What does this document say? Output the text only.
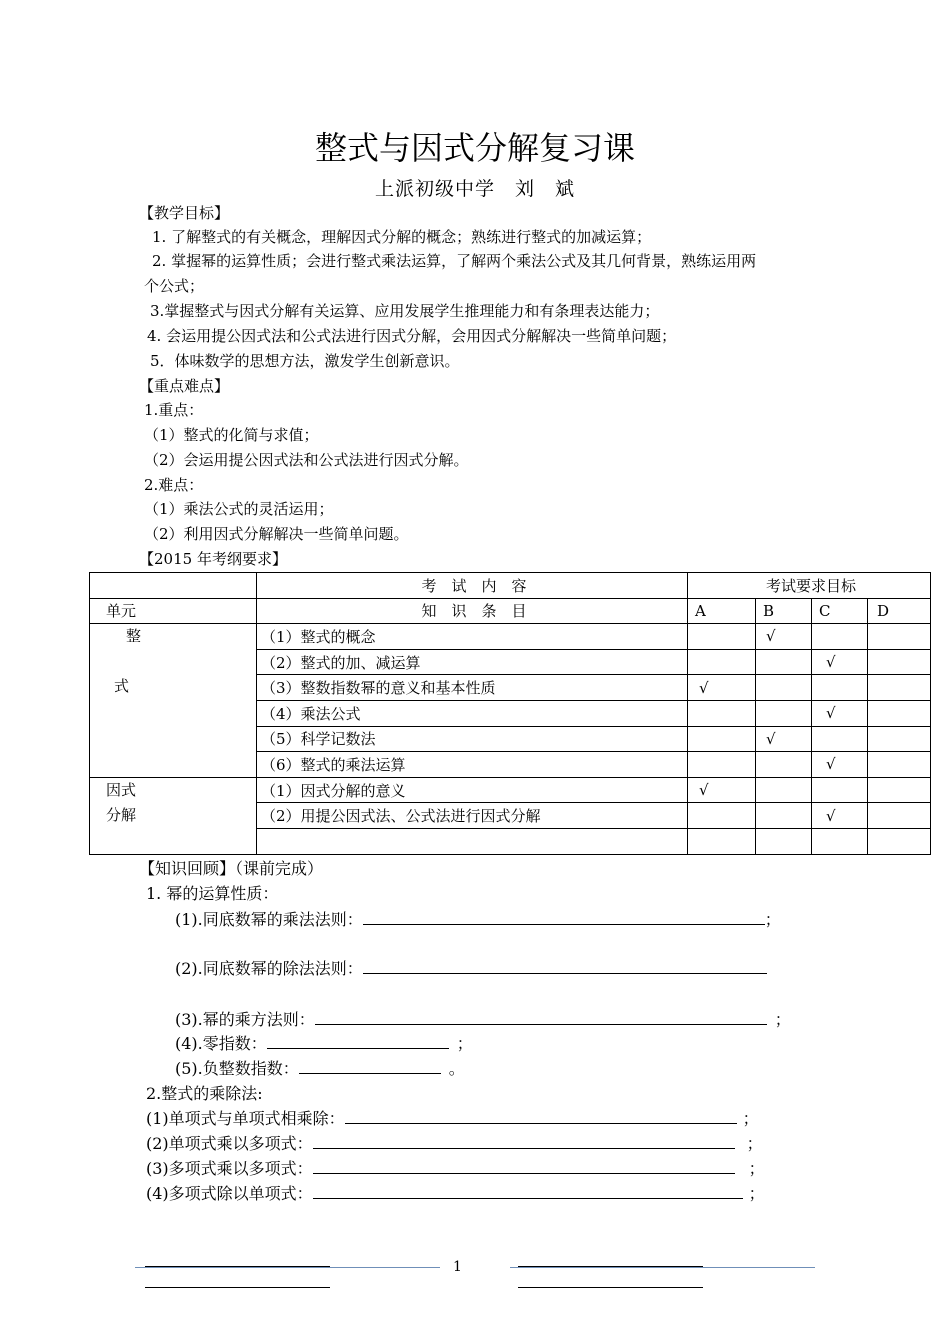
整式与因式分解复习课
上派初级中学　刘　斌
【教学目标】
1. 了解整式的有关概念，理解因式分解的概念；熟练进行整式的加减运算；
2. 掌握幂的运算性质；会进行整式乘法运算，了解两个乘法公式及其几何背景，熟练运用两
个公式；
3.掌握整式与因式分解有关运算、应用发展学生推理能力和有条理表达能力；
4. 会运用提公因式法和公式法进行因式分解，会用因式分解解决一些简单问题；
5．体味数学的思想方法，激发学生创新意识。
【重点难点】
1.重点：
（1）整式的化简与求值；
（2）会运用提公因式法和公式法进行因式分解。
2.难点：
（1）乘法公式的灵活运用；
（2）利用因式分解解决一些简单问题。
【2015 年考纲要求】
	考　试　内　容	考试要求目标			
单元	知　识　条　目	A	B	C	D

整
式	（1）整式的概念		√		
	（2）整式的加、减运算			√	
	（3）整数指数幂的意义和基本性质	√			
	（4）乘法公式			√	
	（5）科学记数法		√		
	（6）整式的乘法运算			√	

因式
分解	（1）因式分解的意义	√			
	（2）用提公因式法、公式法进行因式分解			√	

【知识回顾】（课前完成）
1. 幂的运算性质：
(1).同底数幂的乘法法则：	；
(2).同底数幂的除法法则：
(3).幂的乘方法则：	；
(4).零指数：	；
(5).负整数指数：	。
2.整式的乘除法:
(1)单项式与单项式相乘除：	；
(2)单项式乘以多项式：	；
(3)多项式乘以多项式：	；
(4)多项式除以单项式：	；
1
